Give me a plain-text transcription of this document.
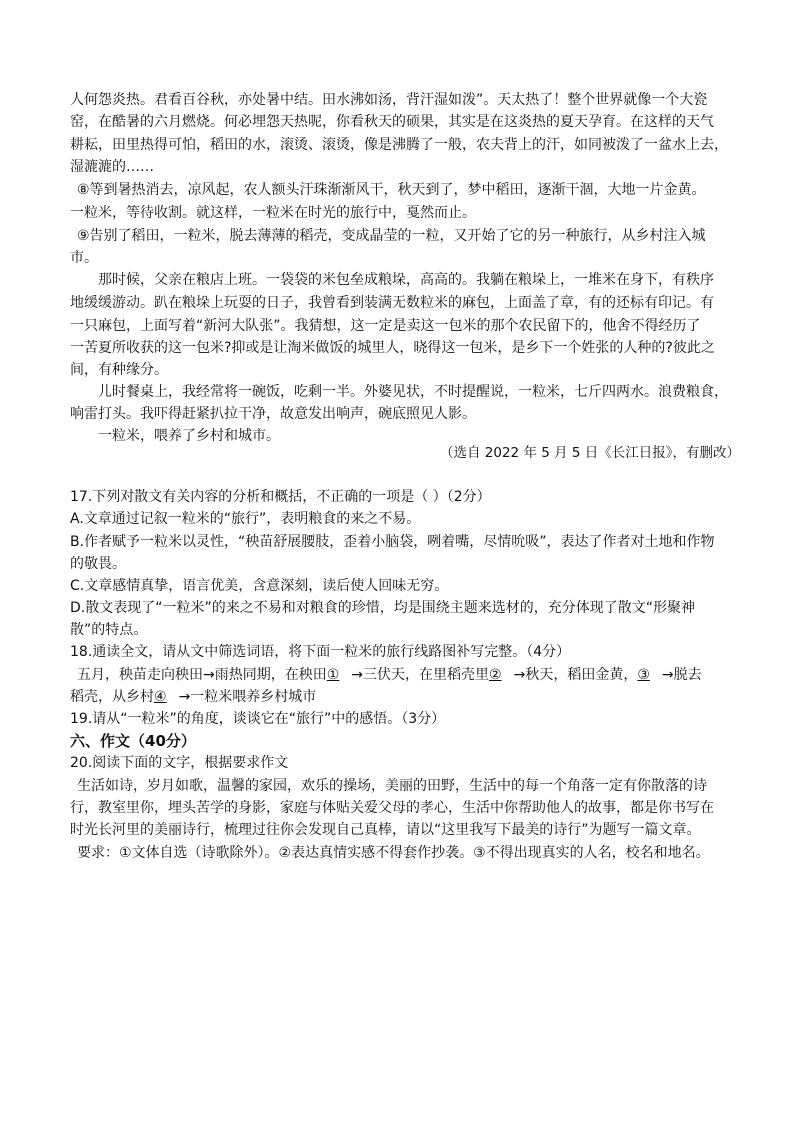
人何怨炎热。君看百谷秋，亦处暑中结。田水沸如汤，背汗湿如泼”。天太热了！整个世界就像一个大瓷
窑，在酷暑的六月燃烧。何必埋怨天热呢，你看秋天的硕果，其实是在这炎热的夏天孕育。在这样的天气
耕耘，田里热得可怕，稻田的水，滚烫、滚烫，像是沸腾了一般，农夫背上的汗，如同被泼了一盆水上去，
湿漉漉的……
⑧等到暑热消去，凉风起，农人额头汗珠渐渐风干，秋天到了，梦中稻田，逐渐干涸，大地一片金黄。
一粒米，等待收割。就这样，一粒米在时光的旅行中，戛然而止。
⑨告别了稻田，一粒米，脱去薄薄的稻壳，变成晶莹的一粒，又开始了它的另一种旅行，从乡村注入城
市。
那时候，父亲在粮店上班。一袋袋的米包垒成粮垛，高高的。我躺在粮垛上，一堆米在身下，有秩序
地缓缓游动。趴在粮垛上玩耍的日子，我曾看到装满无数粒米的麻包，上面盖了章，有的还标有印记。有
一只麻包，上面写着“新河大队张”。我猜想，这一定是卖这一包米的那个农民留下的，他舍不得经历了
一苦夏所收获的这一包米?抑或是让淘米做饭的城里人，晓得这一包米，是乡下一个姓张的人种的?彼此之
间，有种缘分。
儿时餐桌上，我经常将一碗饭，吃剩一半。外婆见状，不时提醒说，一粒米，七斤四两水。浪费粮食，
响雷打头。我吓得赶紧扒拉干净，故意发出响声，碗底照见人影。
一粒米，喂养了乡村和城市。
（选自 2022 年 5 月 5 日《长江日报》，有删改）
17.下列对散文有关内容的分析和概括，不正确的一项是（ ）（2分）
A.文章通过记叙一粒米的“旅行”，表明粮食的来之不易。
B.作者赋予一粒米以灵性，“秧苗舒展腰肢，歪着小脑袋，咧着嘴，尽情吮吸”，表达了作者对土地和作物
的敬畏。
C.文章感情真挚，语言优美，含意深刻，读后使人回味无穷。
D.散文表现了“一粒米”的来之不易和对粮食的珍惜，均是围绕主题来选材的，充分体现了散文“形聚神
散”的特点。
18.通读全文，请从文中筛选词语，将下面一粒米的旅行线路图补写完整。（4分）
五月，秧苗走向秧田→雨热同期，在秧田① →三伏天，在里稻壳里② →秋天，稻田金黄，③ →脱去
稻壳，从乡村④ →一粒米喂养乡村城市
19.请从“一粒米”的角度，谈谈它在“旅行”中的感悟。（3分）
六、作文（40分）
20.阅读下面的文字，根据要求作文
生活如诗，岁月如歌，温馨的家园，欢乐的操场，美丽的田野，生活中的每一个角落一定有你散落的诗
行，教室里你，埋头苦学的身影，家庭与体贴关爱父母的孝心，生活中你帮助他人的故事，都是你书写在
时光长河里的美丽诗行，梳理过往你会发现自己真棒，请以“这里我写下最美的诗行”为题写一篇文章。
要求：①文体自选（诗歌除外）。②表达真情实感不得套作抄袭。③不得出现真实的人名，校名和地名。
